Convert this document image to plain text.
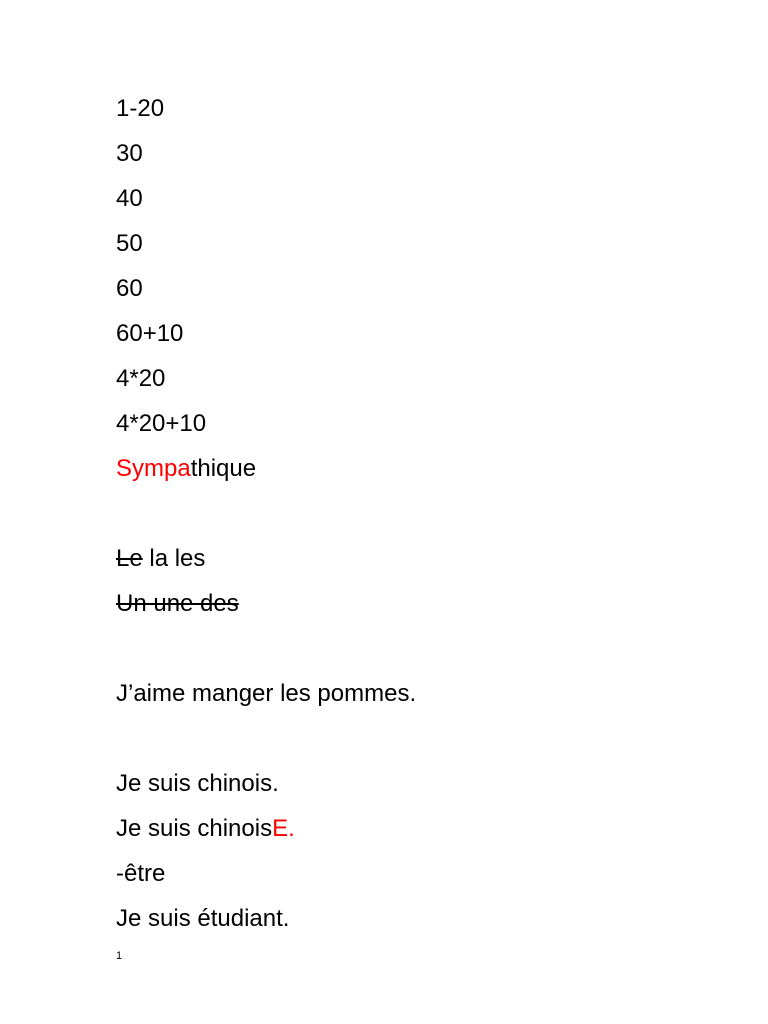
1-20
30
40
50
60
60+10
4*20
4*20+10
Sympathique
Le la les
Un une des
J’aime manger les pommes.
Je suis chinois.
Je suis chinoisE.
-être
Je suis étudiant.
1
